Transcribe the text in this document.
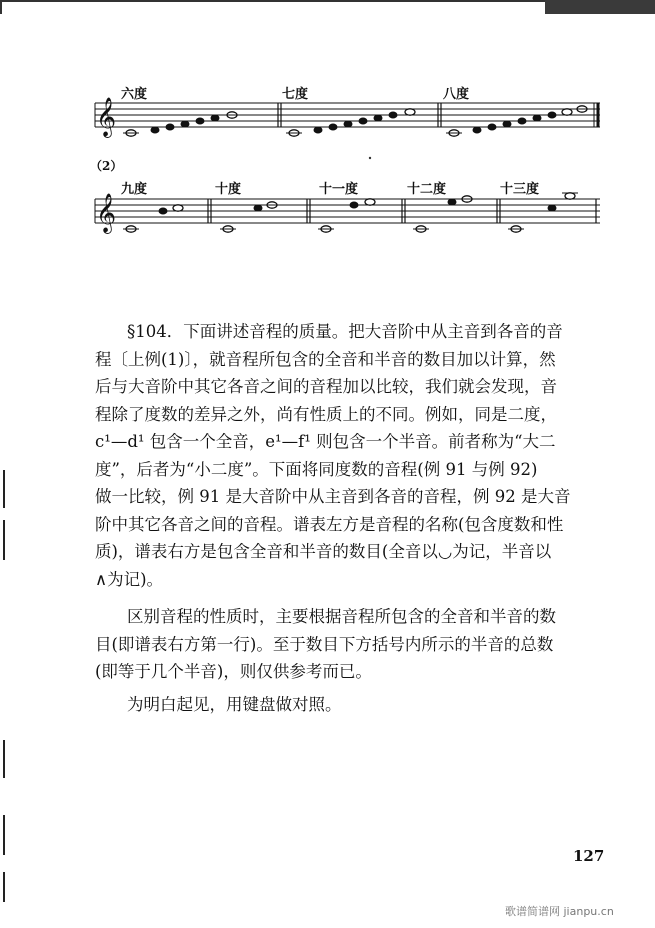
𝄞
𝄞
六度	七度	八度
（2）
九度	十度	十一度	十二度	十三度
§104．下面讲述音程的质量。把大音阶中从主音到各音的音
程〔上例(1)〕，就音程所包含的全音和半音的数目加以计算，然
后与大音阶中其它各音之间的音程加以比较，我们就会发现，音
程除了度数的差异之外，尚有性质上的不同。例如，同是二度，
c¹—d¹ 包含一个全音，e¹—f¹ 则包含一个半音。前者称为“大二
度”，后者为“小二度”。下面将同度数的音程(例 91 与例 92)
做一比较，例 91 是大音阶中从主音到各音的音程，例 92 是大音
阶中其它各音之间的音程。谱表左方是音程的名称(包含度数和性
质)，谱表右方是包含全音和半音的数目(全音以◡为记，半音以
∧为记)。
区别音程的性质时，主要根据音程所包含的全音和半音的数
目(即谱表右方第一行)。至于数目下方括号内所示的半音的总数
(即等于几个半音)，则仅供参考而已。
为明白起见，用键盘做对照。
127
歌谱简谱网 jianpu.cn
